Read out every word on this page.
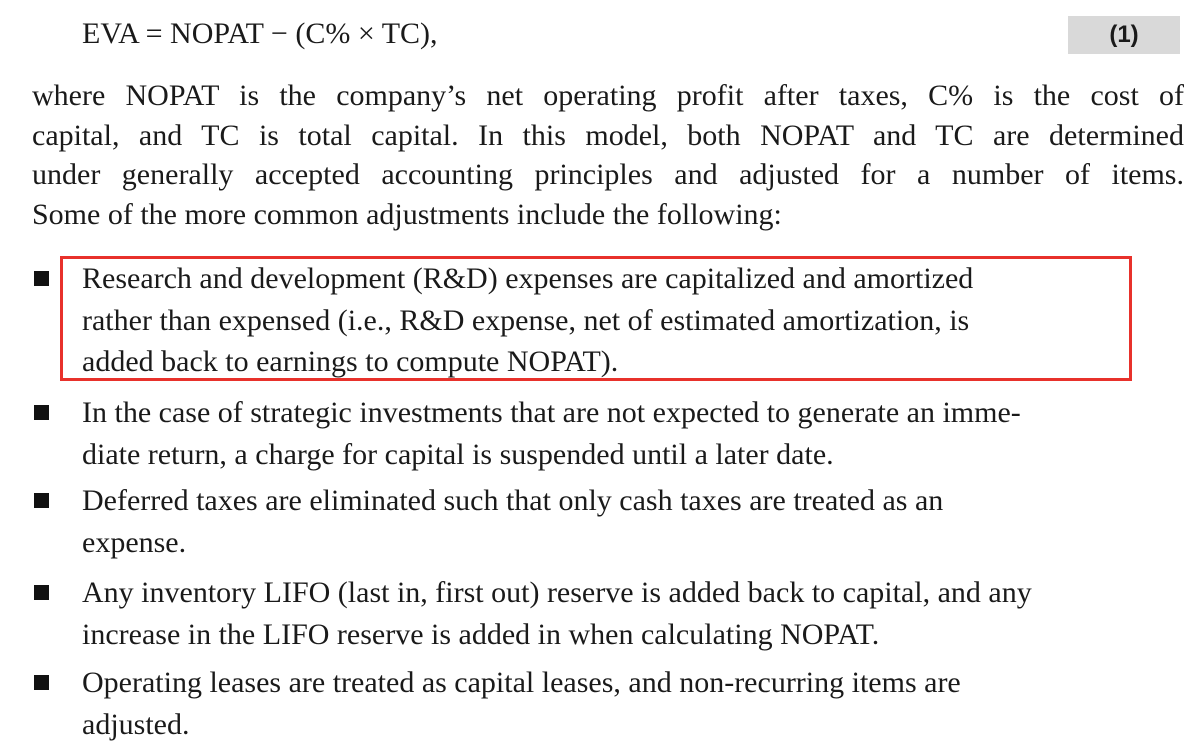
EVA = NOPAT − (C% × TC),	(1)

where NOPAT is the company’s net operating profit after taxes, C% is the cost of
capital, and TC is total capital. In this model, both NOPAT and TC are determined
under generally accepted accounting principles and adjusted for a number of items.
Some of the more common adjustments include the following:

Research and development (R&D) expenses are capitalized and amortized
rather than expensed (i.e., R&D expense, net of estimated amortization, is
added back to earnings to compute NOPAT).

In the case of strategic investments that are not expected to generate an imme-
diate return, a charge for capital is suspended until a later date.

Deferred taxes are eliminated such that only cash taxes are treated as an
expense.

Any inventory LIFO (last in, first out) reserve is added back to capital, and any
increase in the LIFO reserve is added in when calculating NOPAT.

Operating leases are treated as capital leases, and non-recurring items are
adjusted.
